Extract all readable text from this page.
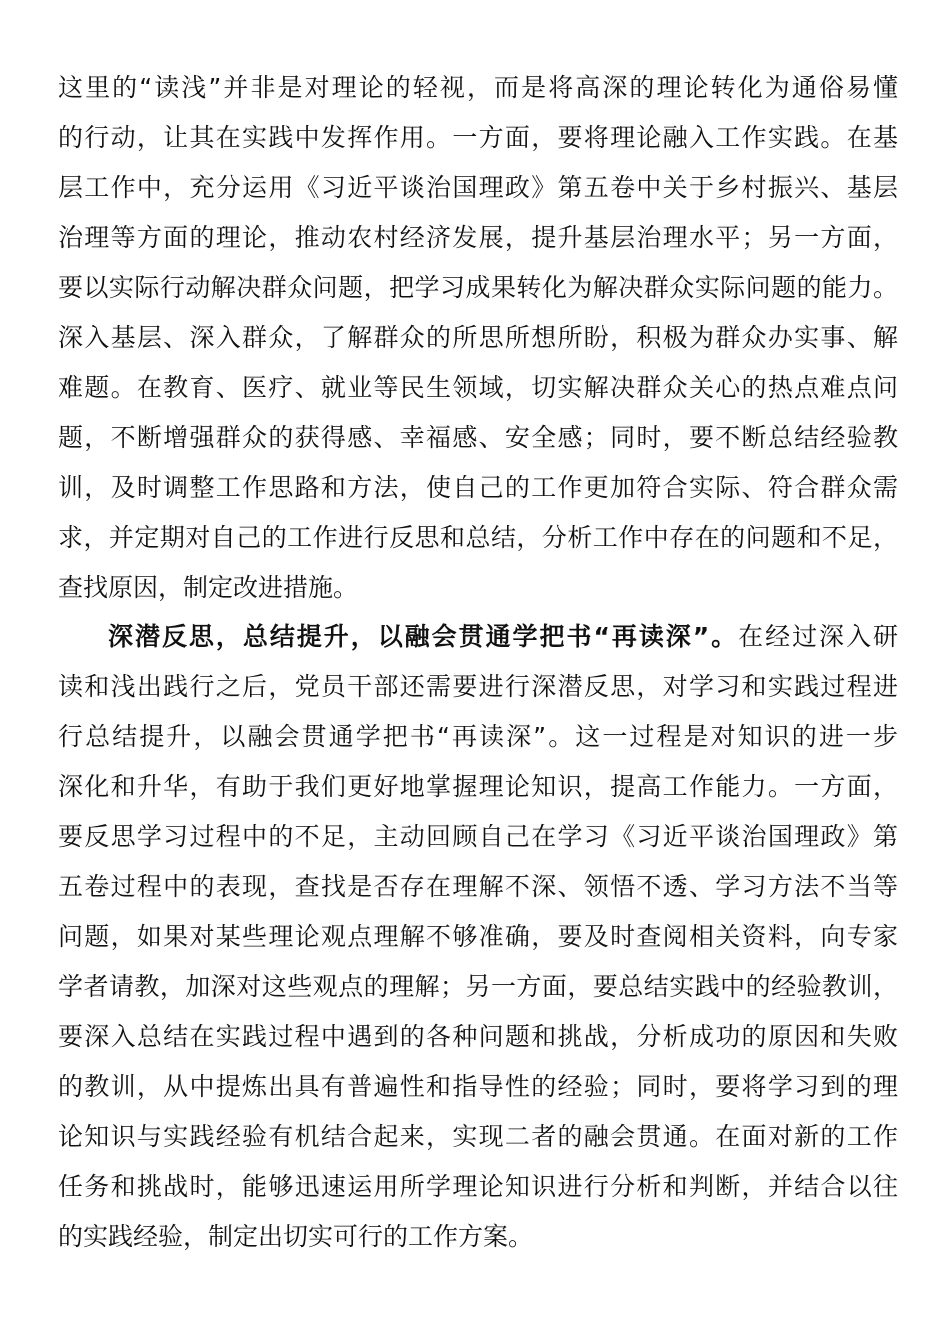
这里的“读浅”并非是对理论的轻视，而是将高深的理论转化为通俗易懂
的行动，让其在实践中发挥作用。一方面，要将理论融入工作实践。在基
层工作中，充分运用《习近平谈治国理政》第五卷中关于乡村振兴、基层
治理等方面的理论，推动农村经济发展，提升基层治理水平；另一方面，
要以实际行动解决群众问题，把学习成果转化为解决群众实际问题的能力。
深入基层、深入群众，了解群众的所思所想所盼，积极为群众办实事、解
难题。在教育、医疗、就业等民生领域，切实解决群众关心的热点难点问
题，不断增强群众的获得感、幸福感、安全感；同时，要不断总结经验教
训，及时调整工作思路和方法，使自己的工作更加符合实际、符合群众需
求，并定期对自己的工作进行反思和总结，分析工作中存在的问题和不足，
查找原因，制定改进措施。
深潜反思，总结提升，以融会贯通学把书“再读深”。在经过深入研
读和浅出践行之后，党员干部还需要进行深潜反思，对学习和实践过程进
行总结提升，以融会贯通学把书“再读深”。这一过程是对知识的进一步
深化和升华，有助于我们更好地掌握理论知识，提高工作能力。一方面，
要反思学习过程中的不足，主动回顾自己在学习《习近平谈治国理政》第
五卷过程中的表现，查找是否存在理解不深、领悟不透、学习方法不当等
问题，如果对某些理论观点理解不够准确，要及时查阅相关资料，向专家
学者请教，加深对这些观点的理解；另一方面，要总结实践中的经验教训，
要深入总结在实践过程中遇到的各种问题和挑战，分析成功的原因和失败
的教训，从中提炼出具有普遍性和指导性的经验；同时，要将学习到的理
论知识与实践经验有机结合起来，实现二者的融会贯通。在面对新的工作
任务和挑战时，能够迅速运用所学理论知识进行分析和判断，并结合以往
的实践经验，制定出切实可行的工作方案。
